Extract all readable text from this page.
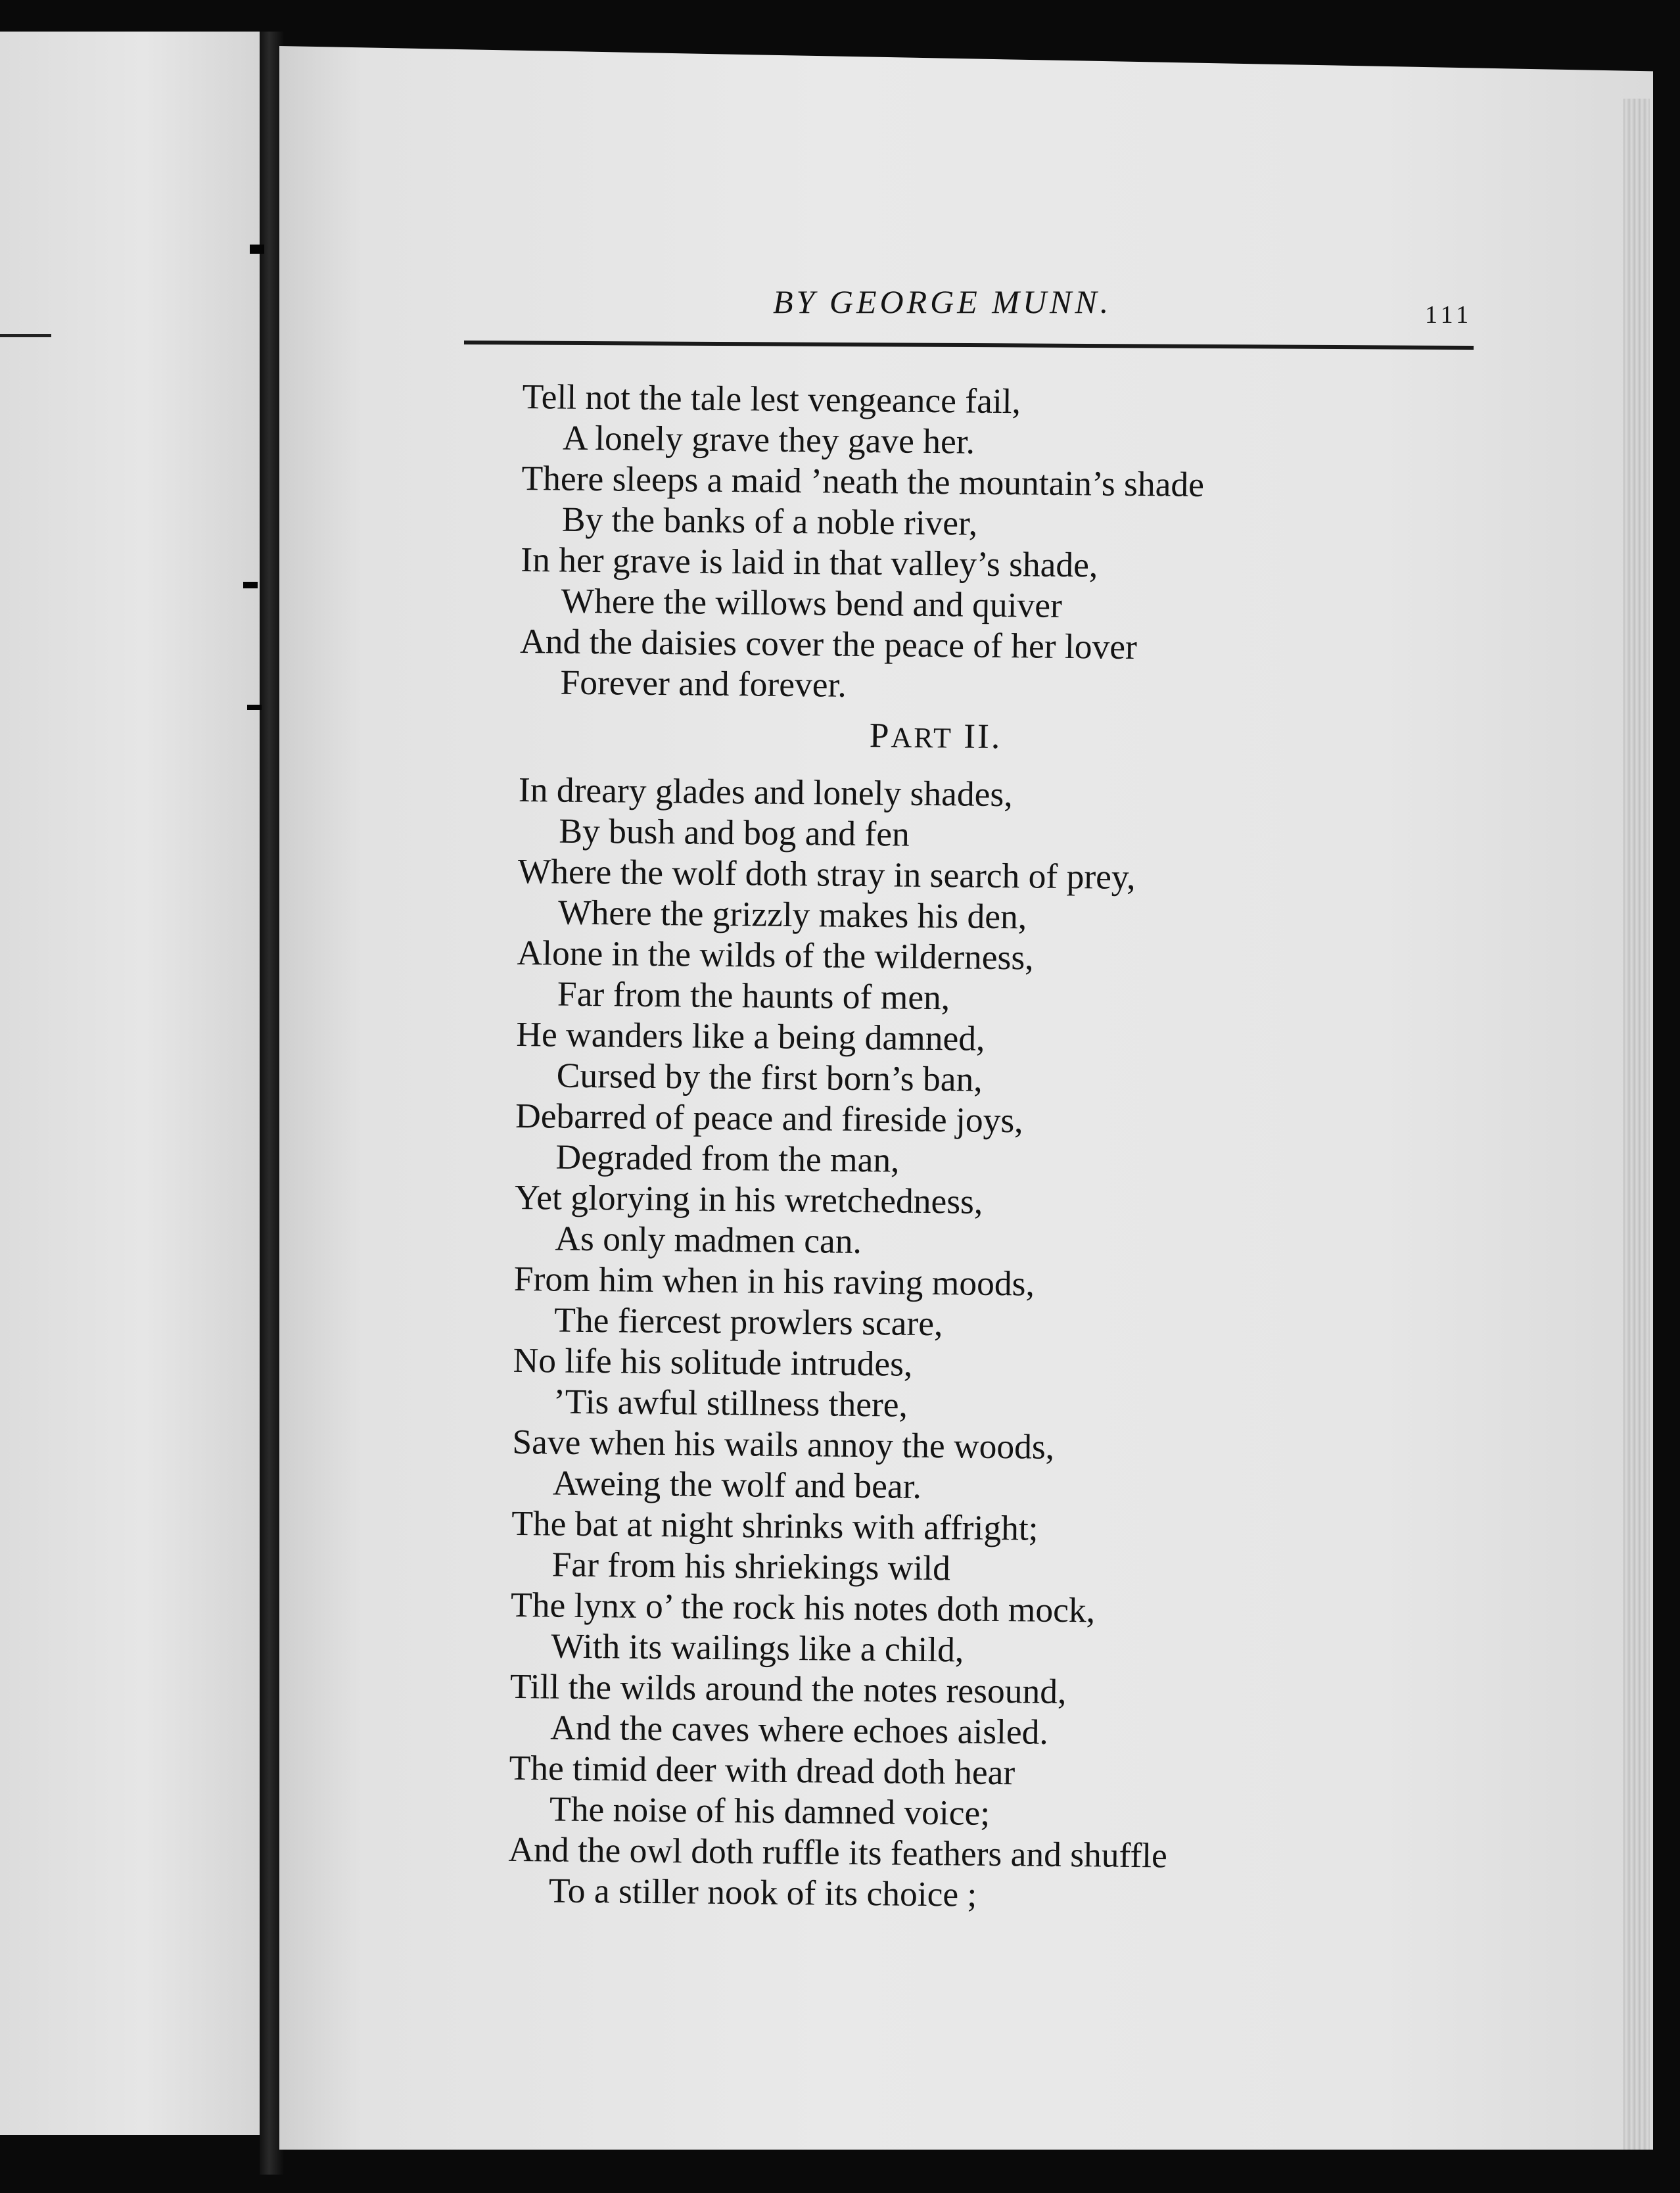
BY GEORGE MUNN.	111
Tell not the tale lest vengeance fail,
A lonely grave they gave her.
There sleeps a maid ’neath the mountain’s shade
By the banks of a noble river,
In her grave is laid in that valley’s shade,
Where the willows bend and quiver
And the daisies cover the peace of her lover
Forever and forever.
PART II.
In dreary glades and lonely shades,
By bush and bog and fen
Where the wolf doth stray in search of prey,
Where the grizzly makes his den,
Alone in the wilds of the wilderness,
Far from the haunts of men,
He wanders like a being damned,
Cursed by the first born’s ban,
Debarred of peace and fireside joys,
Degraded from the man,
Yet glorying in his wretchedness,
As only madmen can.
From him when in his raving moods,
The fiercest prowlers scare,
No life his solitude intrudes,
’Tis awful stillness there,
Save when his wails annoy the woods,
Aweing the wolf and bear.
The bat at night shrinks with affright;
Far from his shriekings wild
The lynx o’ the rock his notes doth mock,
With its wailings like a child,
Till the wilds around the notes resound,
And the caves where echoes aisled.
The timid deer with dread doth hear
The noise of his damned voice;
And the owl doth ruffle its feathers and shuffle
To a stiller nook of its choice ;
